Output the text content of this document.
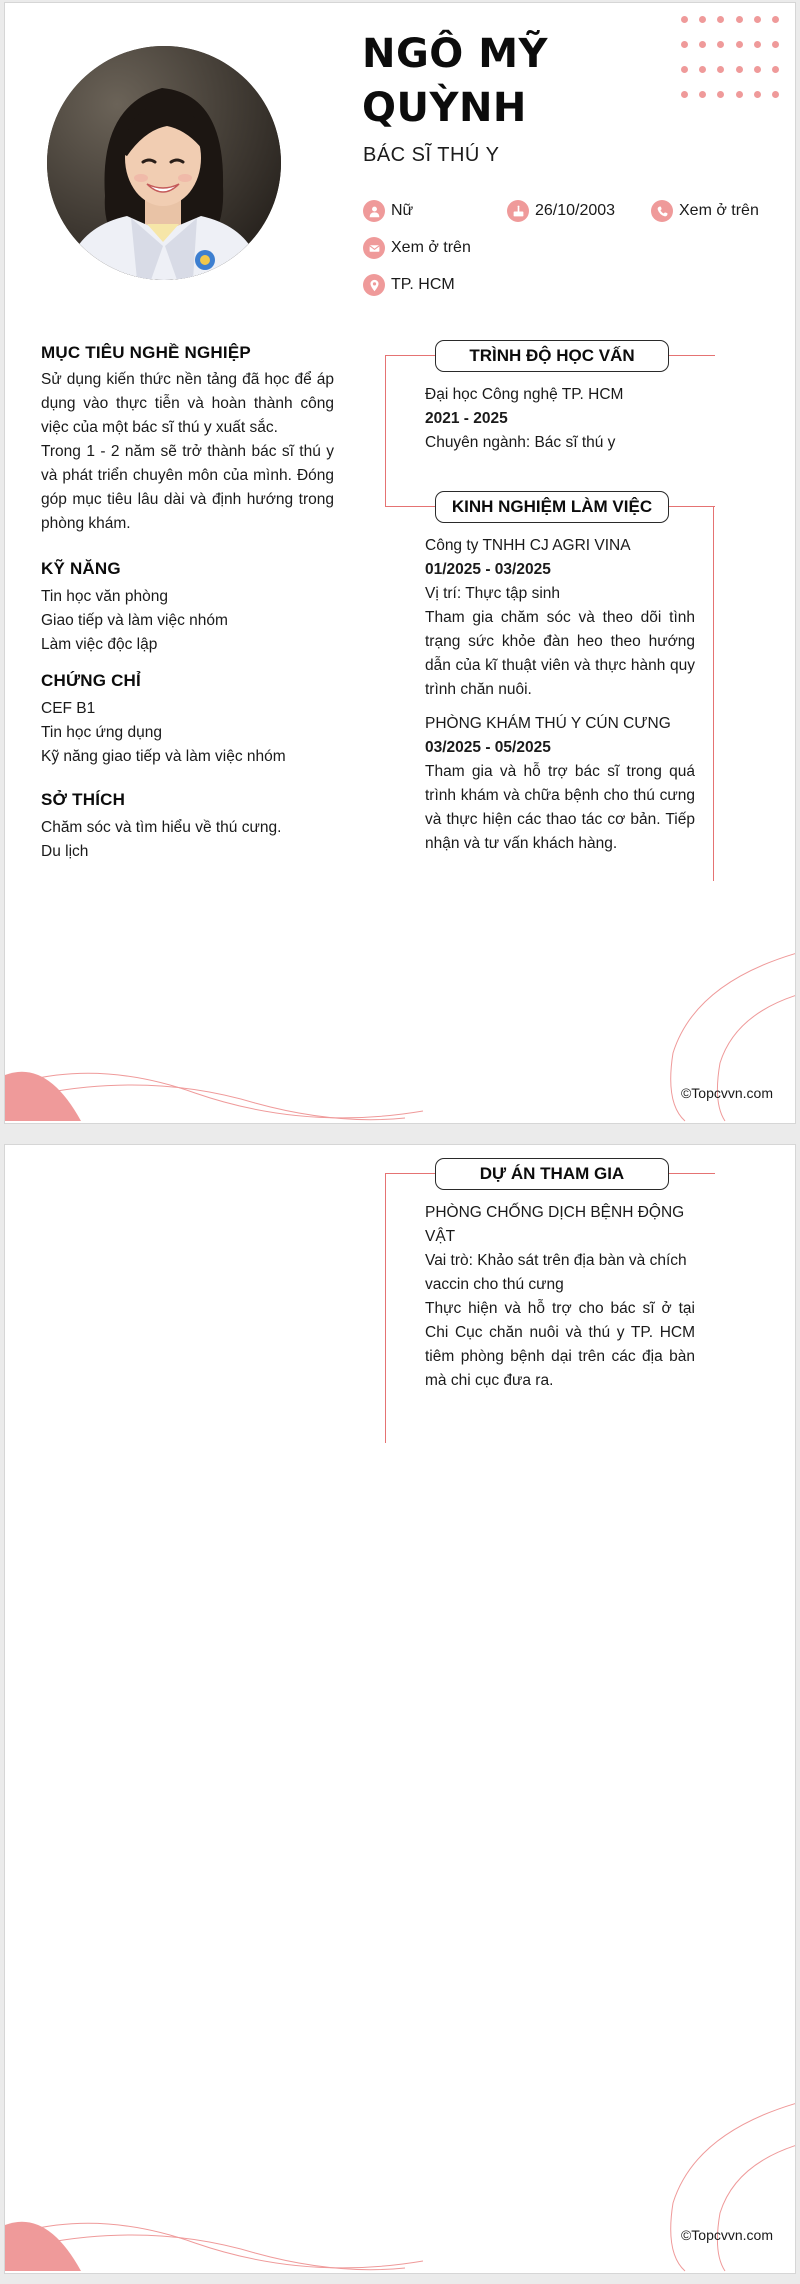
NGÔ MỸ QUỲNH
BÁC SĨ THÚ Y
Nữ	26/10/2003	Xem ở trên
Xem ở trên
TP. HCM
MỤC TIÊU NGHỀ NGHIỆP

Sử dụng kiến thức nền tảng đã học để áp dụng vào thực tiễn và hoàn thành công việc của một bác sĩ thú y xuất sắc.

Trong 1 - 2 năm sẽ trở thành bác sĩ thú y và phát triển chuyên môn của mình. Đóng góp mục tiêu lâu dài và định hướng trong phòng khám.

KỸ NĂNG

Tin học văn phòng

Giao tiếp và làm việc nhóm

Làm việc độc lập

CHỨNG CHỈ

CEF B1

Tin học ứng dụng

Kỹ năng giao tiếp và làm việc nhóm

SỞ THÍCH

Chăm sóc và tìm hiểu về thú cưng.

Du lịch

TRÌNH ĐỘ HỌC VẤN

Đại học Công nghệ TP. HCM

2021 - 2025

Chuyên ngành: Bác sĩ thú y

KINH NGHIỆM LÀM VIỆC

Công ty TNHH CJ AGRI VINA

01/2025 - 03/2025

Vị trí: Thực tập sinh

Tham gia chăm sóc và theo dõi tình trạng sức khỏe đàn heo theo hướng dẫn của kĩ thuật viên và thực hành quy trình chăn nuôi.

PHÒNG KHÁM THÚ Y CÚN CƯNG

03/2025 - 05/2025

Tham gia và hỗ trợ bác sĩ trong quá trình khám và chữa bệnh cho thú cưng và thực hiện các thao tác cơ bản. Tiếp nhận và tư vấn khách hàng.

©Topcvvn.com
DỰ ÁN THAM GIA

PHÒNG CHỐNG DỊCH BỆNH ĐỘNG VẬT

Vai trò: Khảo sát trên địa bàn và chích vaccin cho thú cưng

Thực hiện và hỗ trợ cho bác sĩ ở tại Chi Cục chăn nuôi và thú y TP. HCM tiêm phòng bệnh dại trên các địa bàn mà chi cục đưa ra.

©Topcvvn.com
